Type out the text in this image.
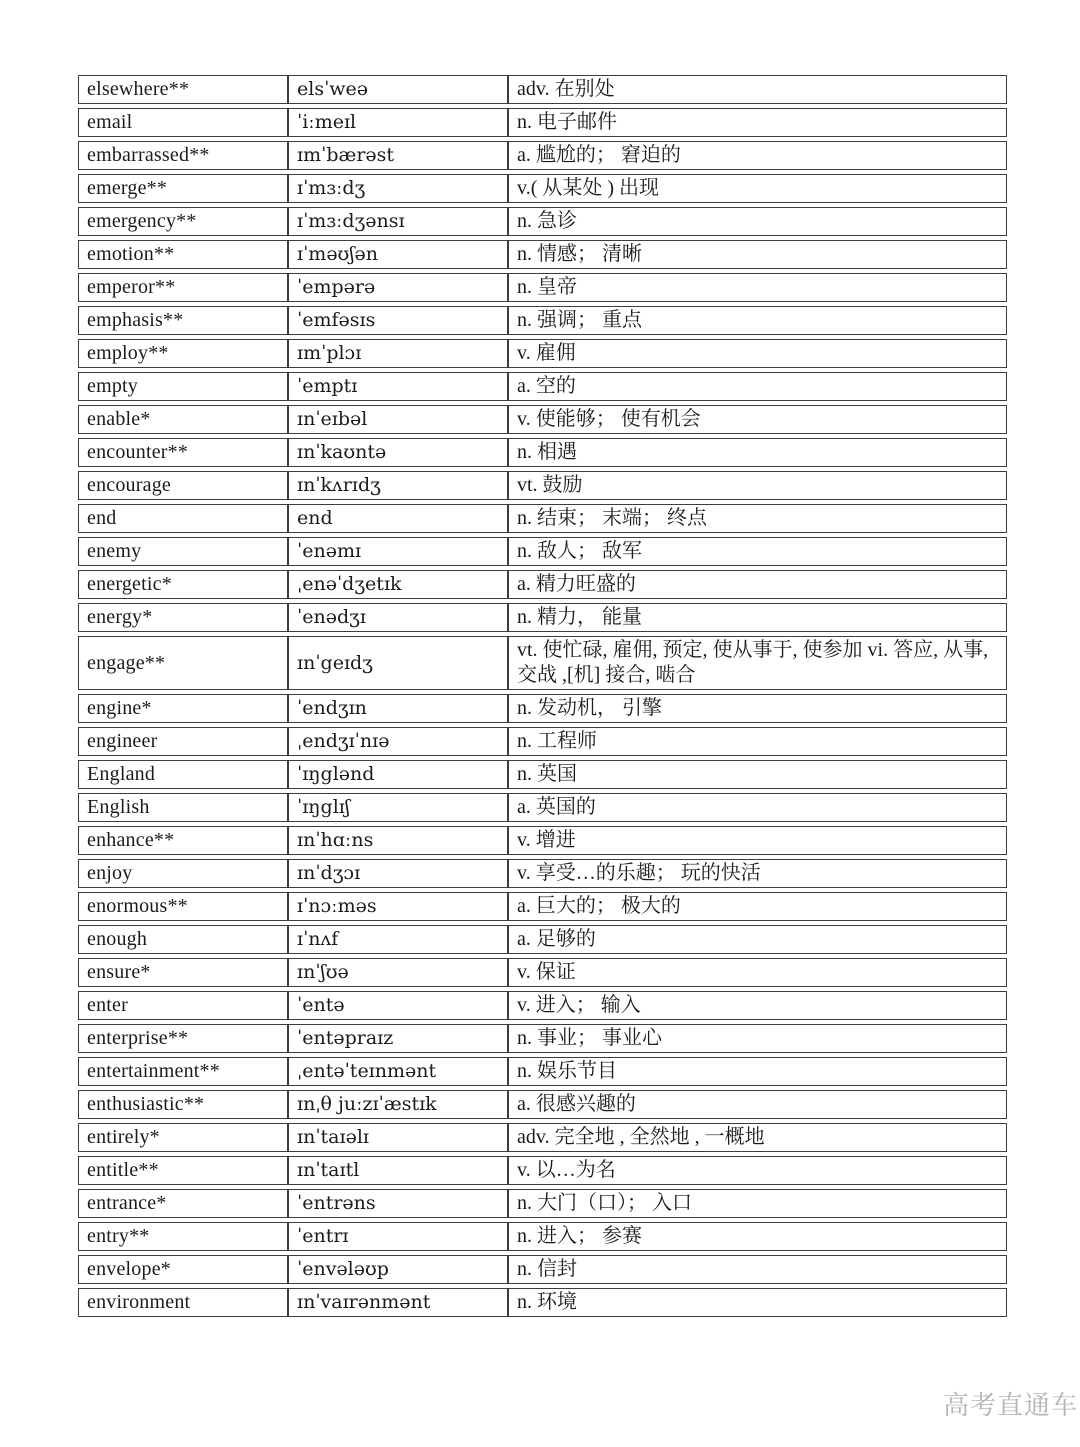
elsewhere**	elsˈweə	adv. 在别处
email	ˈiːmeɪl	n. 电子邮件
embarrassed**	ɪmˈbærəst	a. 尴尬的； 窘迫的
emerge**	ɪˈmɜːdʒ	v.( 从某处 ) 出现
emergency**	ɪˈmɜːdʒənsɪ	n. 急诊
emotion**	ɪˈməʊʃən	n. 情感； 清晰
emperor**	ˈempərə	n. 皇帝
emphasis**	ˈemfəsɪs	n. 强调； 重点
employ**	ɪmˈplɔɪ	v. 雇佣
empty	ˈemptɪ	a. 空的
enable*	ɪnˈeɪbəl	v. 使能够； 使有机会
encounter**	ɪnˈkaʊntə	n. 相遇
encourage	ɪnˈkʌrɪdʒ	vt. 鼓励
end	end	n. 结束； 末端； 终点
enemy	ˈenəmɪ	n. 敌人； 敌军
energetic*	ˌenəˈdʒetɪk	a. 精力旺盛的
energy*	ˈenədʒɪ	n. 精力， 能量
engage**	ɪnˈgeɪdʒ	vt. 使忙碌, 雇佣, 预定, 使从事于, 使参加 vi. 答应, 从事, 交战 ,[机] 接合, 啮合
engine*	ˈendʒɪn	n. 发动机， 引擎
engineer	ˌendʒɪˈnɪə	n. 工程师
England	ˈɪŋglənd	n. 英国
English	ˈɪŋglɪʃ	a. 英国的
enhance**	ɪnˈhɑːns	v. 增进
enjoy	ɪnˈdʒɔɪ	v. 享受…的乐趣； 玩的快活
enormous**	ɪˈnɔːməs	a. 巨大的； 极大的
enough	ɪˈnʌf	a. 足够的
ensure*	ɪnˈʃʊə	v. 保证
enter	ˈentə	v. 进入； 输入
enterprise**	ˈentəpraɪz	n. 事业； 事业心
entertainment**	ˌentəˈteɪnmənt	n. 娱乐节目
enthusiastic**	ɪnˌθ juːzɪˈæstɪk	a. 很感兴趣的
entirely*	ɪnˈtaɪəlɪ	adv. 完全地 , 全然地 , 一概地
entitle**	ɪnˈtaɪtl	v. 以…为名
entrance*	ˈentrəns	n. 大门（口）； 入口
entry**	ˈentrɪ	n. 进入； 参赛
envelope*	ˈenvələʊp	n. 信封
environment	ɪnˈvaɪrənmənt	n. 环境
高考直通车
